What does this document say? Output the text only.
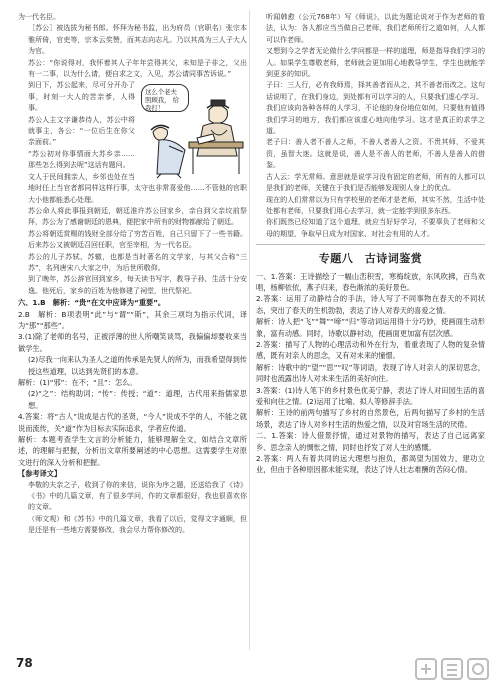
为一代名臣。

［苏公］被选拔为秘书郎。怀拜为秘书监，出为府员（官职名）张宗本雅所倚，官吏等，宗本云奖赞，而其志向志凡。乃以其高为三人子大人为官。

苏公：“你说得对，我怀着其人子年年尝得其父，未知是子非之，父出有一二事，以为什么请，便自求之文，入见，苏公请同事苦诉说。”

这么个老夫 照顾我， 给我打！

到日下，苏公起来，尽可分开办了事，时刻一大人的苦亲爹，人得事。

苏公人主文字谦恭待人，苏公中将就事主，各公：“一位后生在你父亲面前。”

“苏公初对你事情面大苏乡亲……那些怎么得到去呢”这话有题问。

文人于民间拥亲人，乡邻也处在当地时任上当官者都同样这样行事，太守也非常喜爱他……不管他的官职大小他都能悉心处理。

苏公命人将此事报到朝廷，朝廷准许苏公回家乡，亲自到父亲坟前祭拜，苏公为了感谢朝廷的恩典，便把家中所有的财物都献给了朝廷。

苏公将朝廷赏赐的钱财全部分给了穷苦百姓，自己只留下了一些书籍。后来苏公又被朝廷召回任职，官至宰相，为一代名臣。

苏公的儿子苏轼、苏辙，也都是当时著名的文学家，与其父合称“三苏”，名列唐宋八大家之中，为后世所敬仰。

到了晚年，苏公辞官回到家乡，每天读书写字，教导子孙，生活十分安逸。他死后，家乡的百姓为他修建了祠堂，世代祭祀。

六、1.B　解析：“贵”在文中应译为“重要”。

2.B　解析：B项表明“此”与“谓”“斯”，其余三项均为指示代词，译为“那”“那些”。

3.(1)除了老师的名号，正被浮薄的世人所嘲笑谈骂，我偏偏却要收来当做学生。

(2)尽我一向来认为圣人之道的传承是先贤人的所为，而我希望得到传授这些道理，以达到先贤们的本意。

解析：(1)“邪”：在不；“且”：怎么。

(2)“之”：结构助词；“传”：传授；“道”：道理，古代用来指儒家思想。

4.答案：将“古人”说成是古代的圣贤，“今人”说成不学的人，不能之就说而流传，关“道”作为目标去实际追求，学者应传道。

解析：本题考查学生文言的分析能力，能够理解全文，如结合文章所述，的理解与把握，分析出文章所要阐述的中心思想。这需要学生对原文进行的深入分析和把握。

【参考译文】

李敬的夫亲之子，收到了你的来信，说你为序之题，还送给我了《诗》《书》中的几篇文章，有了很多学问，作的文章都很好，我也很喜欢你的文章。

（师文观）和《苏书》中的几篇文章，我看了以后，觉得文字通顺，但是还是有一些地方需要修改，我会尽力帮你修改的。

听闻韩愈（公元768年）写《师说》，以此为题论说对于作为老师的看法，认为：各人都应当当做自己老师，我们老师所行之道如何，人人都可以作老师。

又想到今之学者无论做什么学问都是一样的道理，师是指导我们学习的人。如果学生尊敬老师，老师就会更加用心地教导学生，学生也就能学到更多的知识。

子曰：三人行，必有我师焉，择其善者而从之，其不善者而改之。这句话说明了，在我们身边，到处都有可以学习的人，只要我们虚心学习。

我们应该向各种各样的人学习，不论他的身份地位如何，只要他有值得我们学习的地方，我们都应该虚心地向他学习。这才是真正的求学之道。

老子曰：善人者不善人之师，不善人者善人之资。不贵其师，不爱其资，虽智大迷。这就是说，善人是不善人的老师，不善人是善人的借鉴。

古人云：学无常师。意思就是说学习没有固定的老师，所有的人都可以是我们的老师，关键在于我们是否能够发现别人身上的优点。

现在的人们常常以为只有学校里的老师才是老师，其实不然，生活中处处都有老师，只要我们用心去学习，就一定能学到很多东西。

你们既然已经知道了这个道理，就应当好好学习，不要辜负了老师和父母的期望，争取早日成为对国家、对社会有用的人才。

专题八　古诗词鉴赏

一、1.答案：王诗描绘了一幅山峦积雪，寒梅绽放，东风吹拂，百鸟欢唱，杨柳依依，燕子归来，春色渐浓的美好景色。

2.答案：运用了动静结合的手法，诗人写了不同事物在春天的不同状态，突出了春天的生机勃勃，表达了诗人对春天的喜爱之情。

解析：诗人把“飞”“舞”“啼”“归”等动词运用得十分巧妙，使画面生动形象，富有动感。同时，诗歌以静衬动，使画面更加富有层次感。

2.答案：描写了人物的心理活动和外在行为，着重表现了人物的复杂情感，既有对亲人的思念，又有对未来的憧憬。

解析：诗歌中的“望”“思”“叹”等词语，表现了诗人对亲人的深切思念，同时也流露出诗人对未来生活的美好向往。

3.答案：(1)诗人笔下的乡村景色优美宁静，表达了诗人对田园生活的喜爱和向往之情。(2)运用了比喻、拟人等修辞手法。

解析：王诗的前两句描写了乡村的自然景色，后两句描写了乡村的生活场景，表达了诗人对乡村生活的热爱之情，以及对官场生活的厌倦。

二、1.答案：诗人借景抒情，通过对景物的描写，表达了自己远离家乡、思念亲人的惆怅之情，同时也抒发了对人生的感慨。

2.答案：两人有着共同的远大理想与抱负，都渴望为国效力，建功立业，但由于各种原因都未能实现，表达了诗人壮志难酬的苦闷心情。

78
